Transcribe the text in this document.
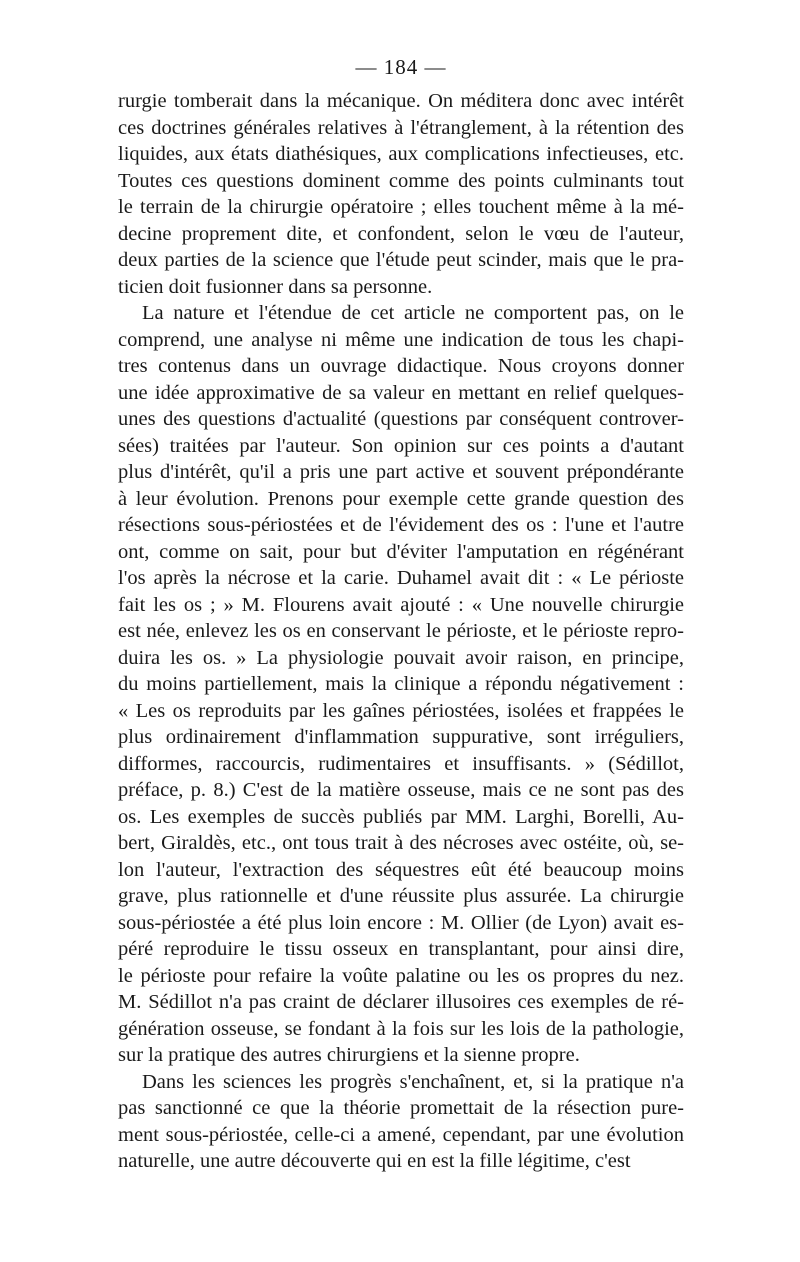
— 184 —
rurgie tomberait dans la mécanique. On méditera donc avec intérêt
ces doctrines générales relatives à l'étranglement, à la rétention des
liquides, aux états diathésiques, aux complications infectieuses, etc.
Toutes ces questions dominent comme des points culminants tout
le terrain de la chirurgie opératoire ; elles touchent même à la mé-
decine proprement dite, et confondent, selon le vœu de l'auteur,
deux parties de la science que l'étude peut scinder, mais que le pra-
ticien doit fusionner dans sa personne.
La nature et l'étendue de cet article ne comportent pas, on le
comprend, une analyse ni même une indication de tous les chapi-
tres contenus dans un ouvrage didactique. Nous croyons donner
une idée approximative de sa valeur en mettant en relief quelques-
unes des questions d'actualité (questions par conséquent controver-
sées) traitées par l'auteur. Son opinion sur ces points a d'autant
plus d'intérêt, qu'il a pris une part active et souvent prépondérante
à leur évolution. Prenons pour exemple cette grande question des
résections sous-périostées et de l'évidement des os : l'une et l'autre
ont, comme on sait, pour but d'éviter l'amputation en régénérant
l'os après la nécrose et la carie. Duhamel avait dit : « Le périoste
fait les os ; » M. Flourens avait ajouté : « Une nouvelle chirurgie
est née, enlevez les os en conservant le périoste, et le périoste repro-
duira les os. » La physiologie pouvait avoir raison, en principe,
du moins partiellement, mais la clinique a répondu négativement :
« Les os reproduits par les gaînes périostées, isolées et frappées le
plus ordinairement d'inflammation suppurative, sont irréguliers,
difformes, raccourcis, rudimentaires et insuffisants. » (Sédillot,
préface, p. 8.) C'est de la matière osseuse, mais ce ne sont pas des
os. Les exemples de succès publiés par MM. Larghi, Borelli, Au-
bert, Giraldès, etc., ont tous trait à des nécroses avec ostéite, où, se-
lon l'auteur, l'extraction des séquestres eût été beaucoup moins
grave, plus rationnelle et d'une réussite plus assurée. La chirurgie
sous-périostée a été plus loin encore : M. Ollier (de Lyon) avait es-
péré reproduire le tissu osseux en transplantant, pour ainsi dire,
le périoste pour refaire la voûte palatine ou les os propres du nez.
M. Sédillot n'a pas craint de déclarer illusoires ces exemples de ré-
génération osseuse, se fondant à la fois sur les lois de la pathologie,
sur la pratique des autres chirurgiens et la sienne propre.
Dans les sciences les progrès s'enchaînent, et, si la pratique n'a
pas sanctionné ce que la théorie promettait de la résection pure-
ment sous-périostée, celle-ci a amené, cependant, par une évolution
naturelle, une autre découverte qui en est la fille légitime, c'est
